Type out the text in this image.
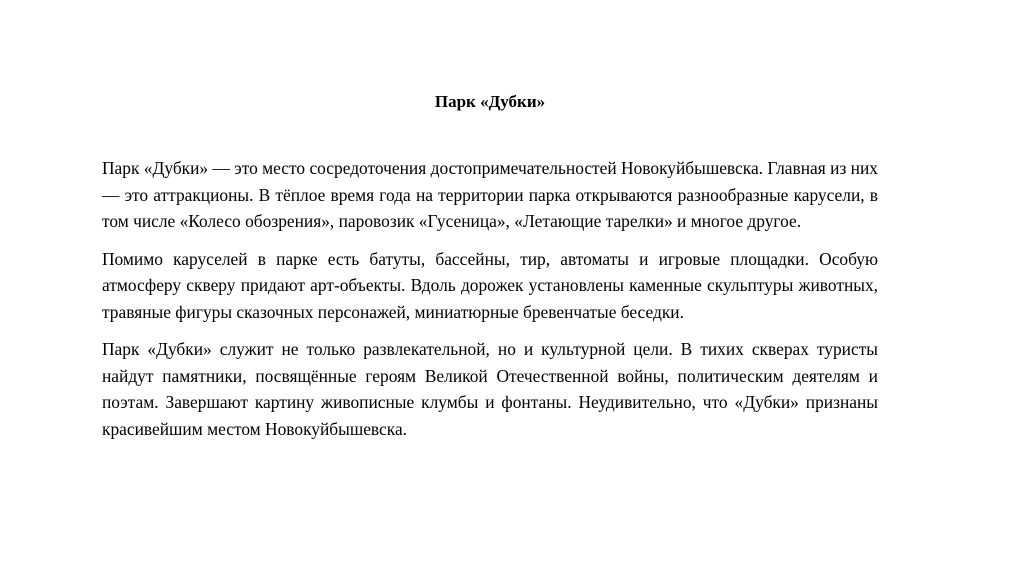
Парк «Дубки»

Парк «Дубки» — это место сосредоточения достопримечательностей Новокуйбышевска. Главная из них — это аттракционы. В тёплое время года на территории парка открываются разнообразные карусели, в том числе «Колесо обозрения», паровозик «Гусеница», «Летающие тарелки» и многое другое.

Помимо каруселей в парке есть батуты, бассейны, тир, автоматы и игровые площадки. Особую атмосферу скверу придают арт-объекты. Вдоль дорожек установлены каменные скульптуры животных, травяные фигуры сказочных персонажей, миниатюрные бревенчатые беседки.

Парк «Дубки» служит не только развлекательной, но и культурной цели. В тихих скверах туристы найдут памятники, посвящённые героям Великой Отечественной войны, политическим деятелям и поэтам. Завершают картину живописные клумбы и фонтаны. Неудивительно, что «Дубки» признаны красивейшим местом Новокуйбышевска.
